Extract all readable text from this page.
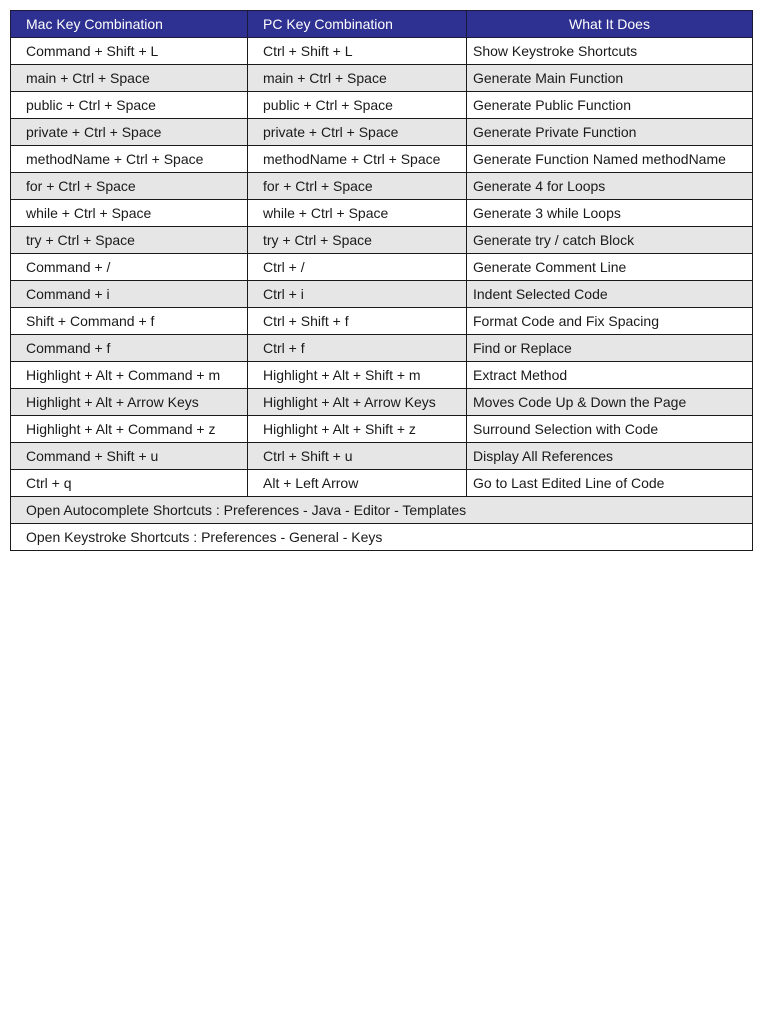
Mac Key Combination	PC Key Combination	What It Does
Command + Shift + L	Ctrl + Shift + L	Show Keystroke Shortcuts
main + Ctrl + Space	main + Ctrl + Space	Generate Main Function
public + Ctrl + Space	public + Ctrl + Space	Generate Public Function
private + Ctrl + Space	private + Ctrl + Space	Generate Private Function
methodName + Ctrl + Space	methodName + Ctrl + Space	Generate Function Named methodName
for + Ctrl + Space	for + Ctrl + Space	Generate 4 for Loops
while + Ctrl + Space	while + Ctrl + Space	Generate 3 while Loops
try + Ctrl + Space	try + Ctrl + Space	Generate try / catch Block
Command + /	Ctrl + /	Generate Comment Line
Command + i	Ctrl + i	Indent Selected Code
Shift + Command + f	Ctrl + Shift + f	Format Code and Fix Spacing
Command + f	Ctrl + f	Find or Replace
Highlight + Alt + Command + m	Highlight + Alt + Shift + m	Extract Method
Highlight + Alt + Arrow Keys	Highlight + Alt + Arrow Keys	Moves Code Up & Down the Page
Highlight + Alt + Command + z	Highlight + Alt + Shift + z	Surround Selection with Code
Command + Shift + u	Ctrl + Shift + u	Display All References
Ctrl + q	Alt + Left Arrow	Go to Last Edited Line of Code
Open Autocomplete Shortcuts : Preferences - Java - Editor - Templates		
Open Keystroke Shortcuts : Preferences - General - Keys		
